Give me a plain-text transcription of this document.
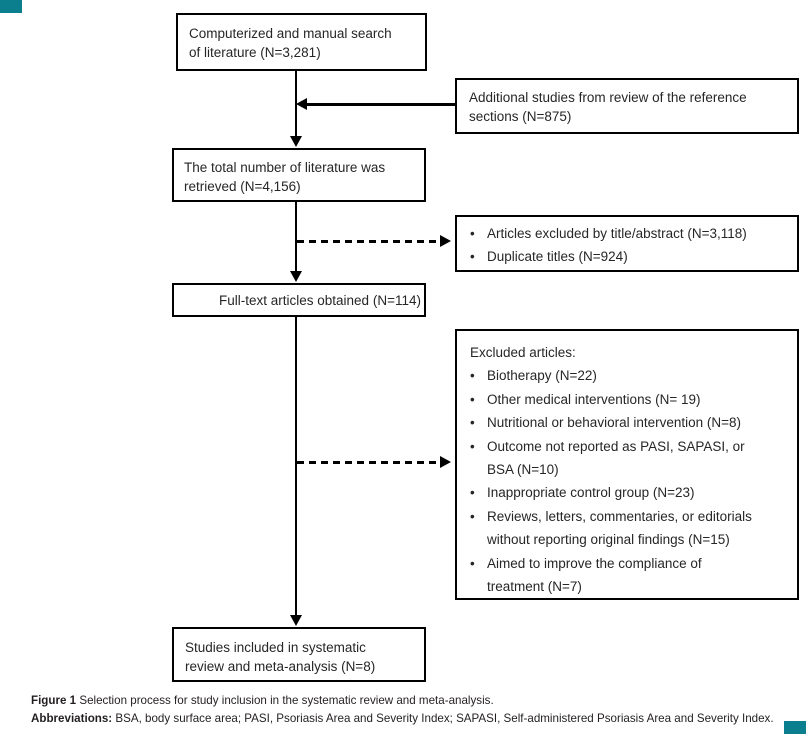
Computerized and manual search
of literature (N=3,281)
Additional studies from review of the reference
sections (N=875)
The total number of literature was
retrieved (N=4,156)
• Articles excluded by title/abstract (N=3,118)
• Duplicate titles (N=924)
Full-text articles obtained (N=114)
Excluded articles:
• Biotherapy (N=22)
• Other medical interventions (N= 19)
• Nutritional or behavioral intervention (N=8)
• Outcome not reported as PASI, SAPASI, or
BSA (N=10)
• Inappropriate control group (N=23)
• Reviews, letters, commentaries, or editorials
without reporting original findings (N=15)
• Aimed to improve the compliance of
treatment (N=7)
Studies included in systematic
review and meta-analysis (N=8)
Figure 1 Selection process for study inclusion in the systematic review and meta-analysis.
Abbreviations: BSA, body surface area; PASI, Psoriasis Area and Severity Index; SAPASI, Self-administered Psoriasis Area and Severity Index.
